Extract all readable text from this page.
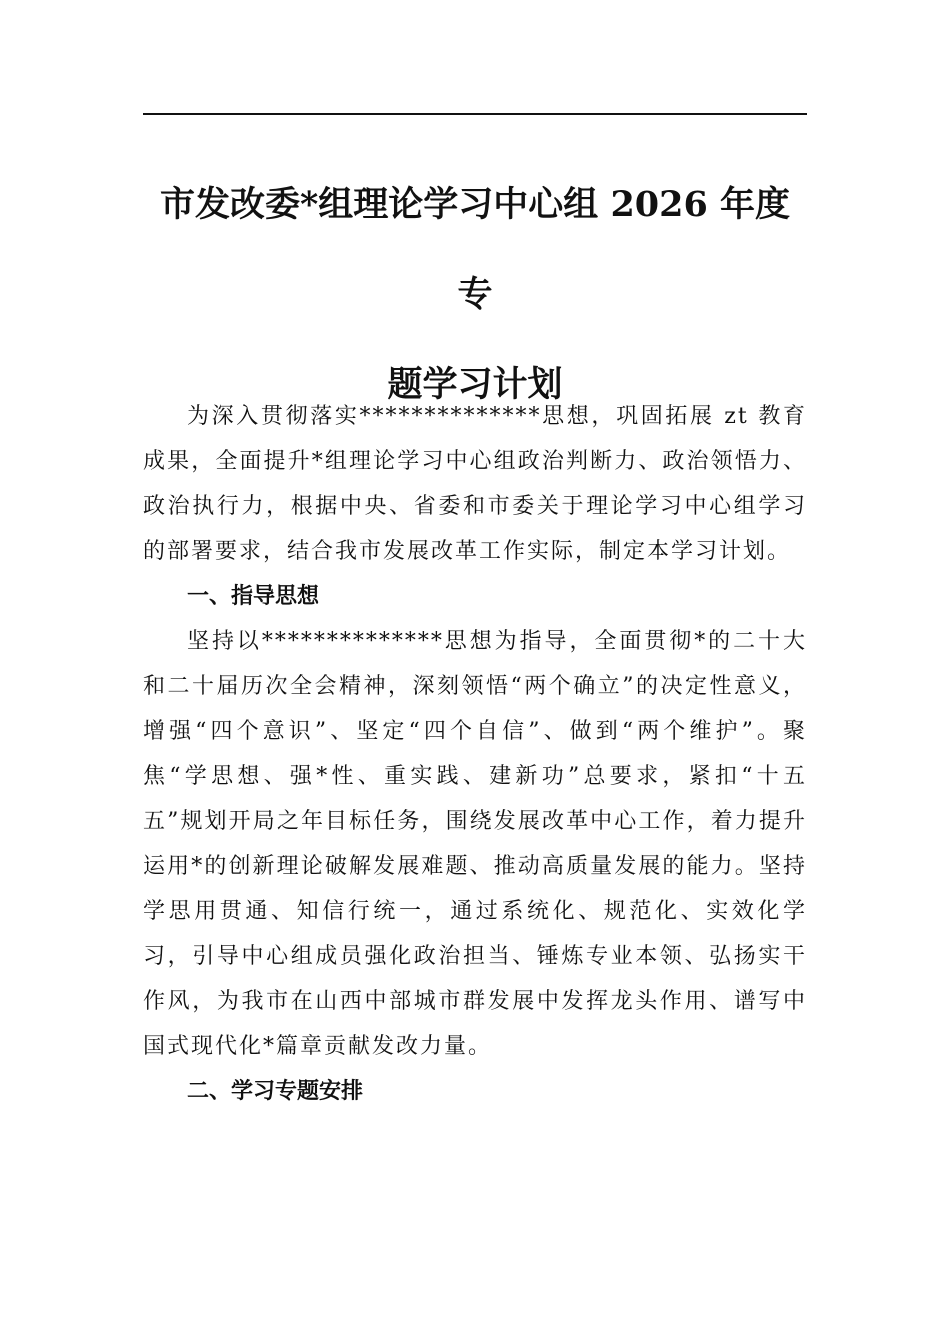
市发改委*组理论学习中心组 2026 年度专
题学习计划

为深入贯彻落实**************思想，巩固拓展 zt 教育成果，全面提升*组理论学习中心组政治判断力、政治领悟力、政治执行力，根据中央、省委和市委关于理论学习中心组学习的部署要求，结合我市发展改革工作实际，制定本学习计划。

一、指导思想

坚持以**************思想为指导，全面贯彻*的二十大和二十届历次全会精神，深刻领悟“两个确立”的决定性意义，增强“四个意识”、坚定“四个自信”、做到“两个维护”。聚焦“学思想、强*性、重实践、建新功”总要求，紧扣“十五五”规划开局之年目标任务，围绕发展改革中心工作，着力提升运用*的创新理论破解发展难题、推动高质量发展的能力。坚持学思用贯通、知信行统一，通过系统化、规范化、实效化学习，引导中心组成员强化政治担当、锤炼专业本领、弘扬实干作风，为我市在山西中部城市群发展中发挥龙头作用、谱写中国式现代化*篇章贡献发改力量。

二、学习专题安排
